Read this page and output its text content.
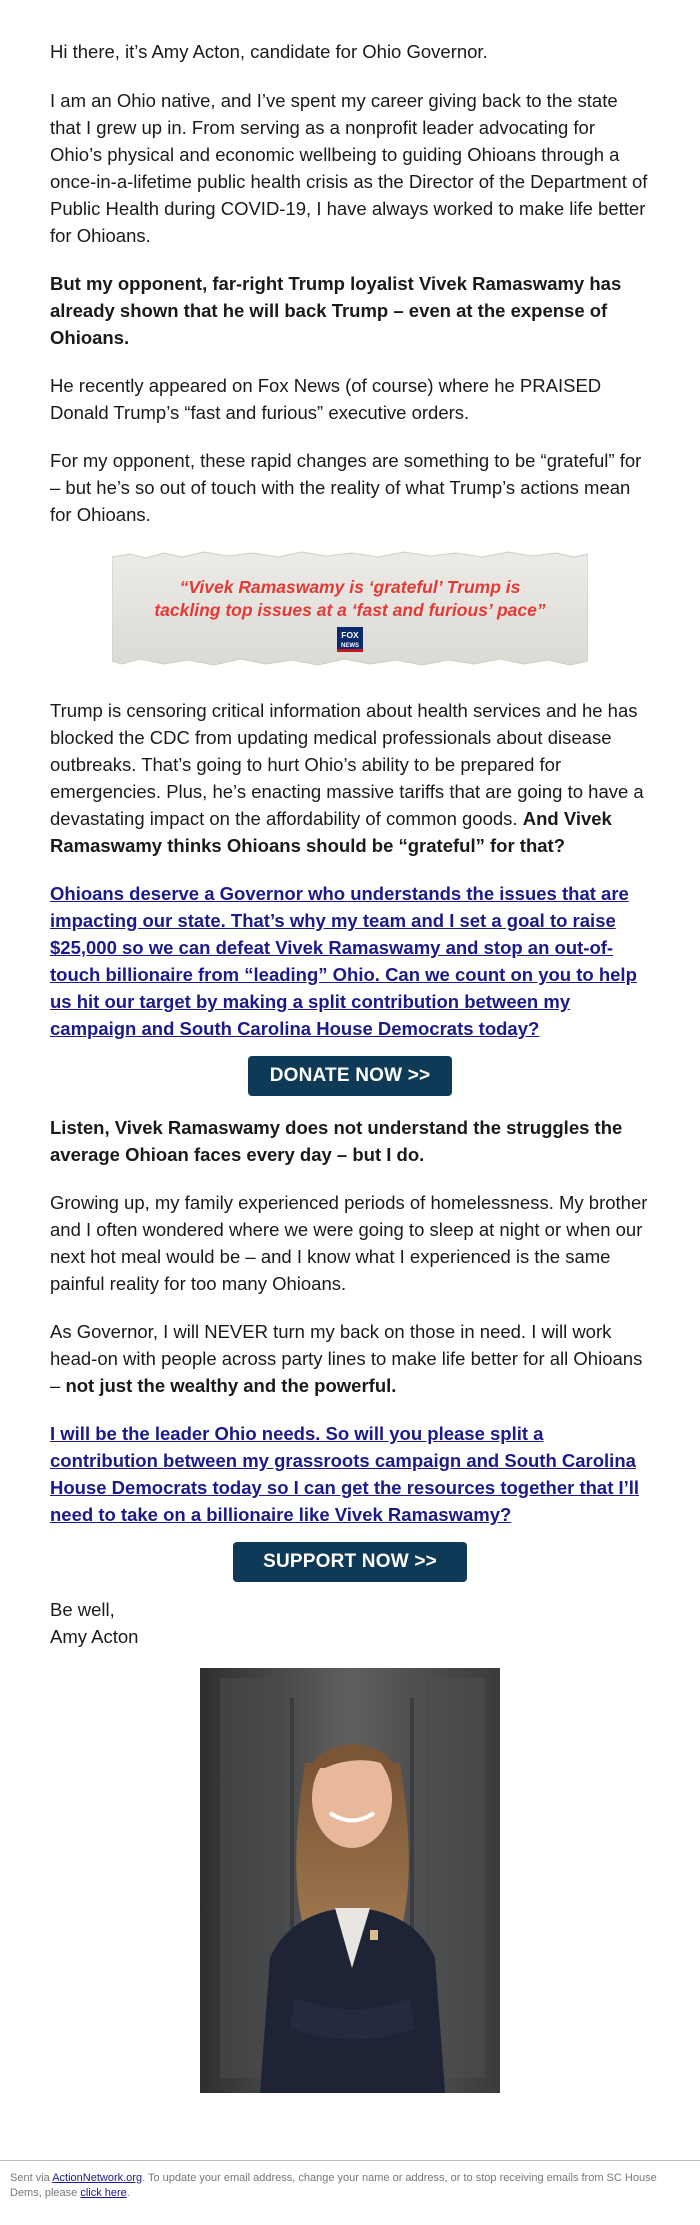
Hi there, it’s Amy Acton, candidate for Ohio Governor.

I am an Ohio native, and I’ve spent my career giving back to the state that I grew up in. From serving as a nonprofit leader advocating for Ohio’s physical and economic wellbeing to guiding Ohioans through a once-in-a-lifetime public health crisis as the Director of the Department of Public Health during COVID-19, I have always worked to make life better for Ohioans.

But my opponent, far-right Trump loyalist Vivek Ramaswamy has already shown that he will back Trump – even at the expense of Ohioans.

He recently appeared on Fox News (of course) where he PRAISED Donald Trump’s “fast and furious” executive orders.

For my opponent, these rapid changes are something to be “grateful” for – but he’s so out of touch with the reality of what Trump’s actions mean for Ohioans.

“Vivek Ramaswamy is ‘grateful’ Trump is
tackling top issues at a ‘fast and furious’ pace”
FOX
NEWS

Trump is censoring critical information about health services and he has blocked the CDC from updating medical professionals about disease outbreaks. That’s going to hurt Ohio’s ability to be prepared for emergencies. Plus, he’s enacting massive tariffs that are going to have a devastating impact on the affordability of common goods. And Vivek Ramaswamy thinks Ohioans should be “grateful” for that?

Ohioans deserve a Governor who understands the issues that are impacting our state. That’s why my team and I set a goal to raise $25,000 so we can defeat Vivek Ramaswamy and stop an out-of-touch billionaire from “leading” Ohio. Can we count on you to help us hit our target by making a split contribution between my campaign and South Carolina House Democrats today?

DONATE NOW >>

Listen, Vivek Ramaswamy does not understand the struggles the average Ohioan faces every day – but I do.

Growing up, my family experienced periods of homelessness. My brother and I often wondered where we were going to sleep at night or when our next hot meal would be – and I know what I experienced is the same painful reality for too many Ohioans.

As Governor, I will NEVER turn my back on those in need. I will work head-on with people across party lines to make life better for all Ohioans – not just the wealthy and the powerful.

I will be the leader Ohio needs. So will you please split a contribution between my grassroots campaign and South Carolina House Democrats today so I can get the resources together that I’ll need to take on a billionaire like Vivek Ramaswamy?

SUPPORT NOW >>

Be well,

Amy Acton

Sent via ActionNetwork.org. To update your email address, change your name or address, or to stop receiving emails from SC House Dems, please click here.
